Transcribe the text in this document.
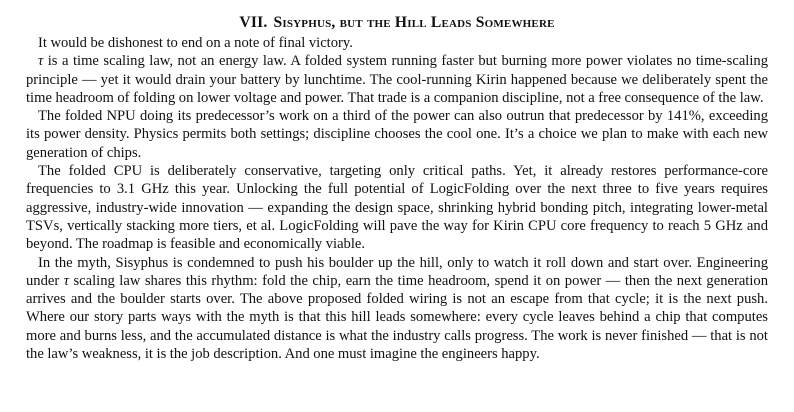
VII. Sisyphus, but the Hill Leads Somewhere

It would be dishonest to end on a note of final victory.

τ is a time scaling law, not an energy law. A folded system running faster but burning more power violates no time-scaling principle — yet it would drain your battery by lunchtime. The cool-running Kirin happened because we deliberately spent the time headroom of folding on lower voltage and power. That trade is a companion discipline, not a free consequence of the law.

The folded NPU doing its predecessor’s work on a third of the power can also outrun that predecessor by 141%, exceeding its power density. Physics permits both settings; discipline chooses the cool one. It’s a choice we plan to make with each new generation of chips.

The folded CPU is deliberately conservative, targeting only critical paths. Yet, it already restores performance-core frequencies to 3.1 GHz this year. Unlocking the full potential of LogicFolding over the next three to five years requires aggressive, industry-wide innovation — expanding the design space, shrinking hybrid bonding pitch, integrating lower-metal TSVs, vertically stacking more tiers, et al. LogicFolding will pave the way for Kirin CPU core frequency to reach 5 GHz and beyond. The roadmap is feasible and economically viable.

In the myth, Sisyphus is condemned to push his boulder up the hill, only to watch it roll down and start over. Engineering under τ scaling law shares this rhythm: fold the chip, earn the time headroom, spend it on power — then the next generation arrives and the boulder starts over. The above proposed folded wiring is not an escape from that cycle; it is the next push. Where our story parts ways with the myth is that this hill leads somewhere: every cycle leaves behind a chip that computes more and burns less, and the accumulated distance is what the industry calls progress. The work is never finished — that is not the law’s weakness, it is the job description. And one must imagine the engineers happy.
